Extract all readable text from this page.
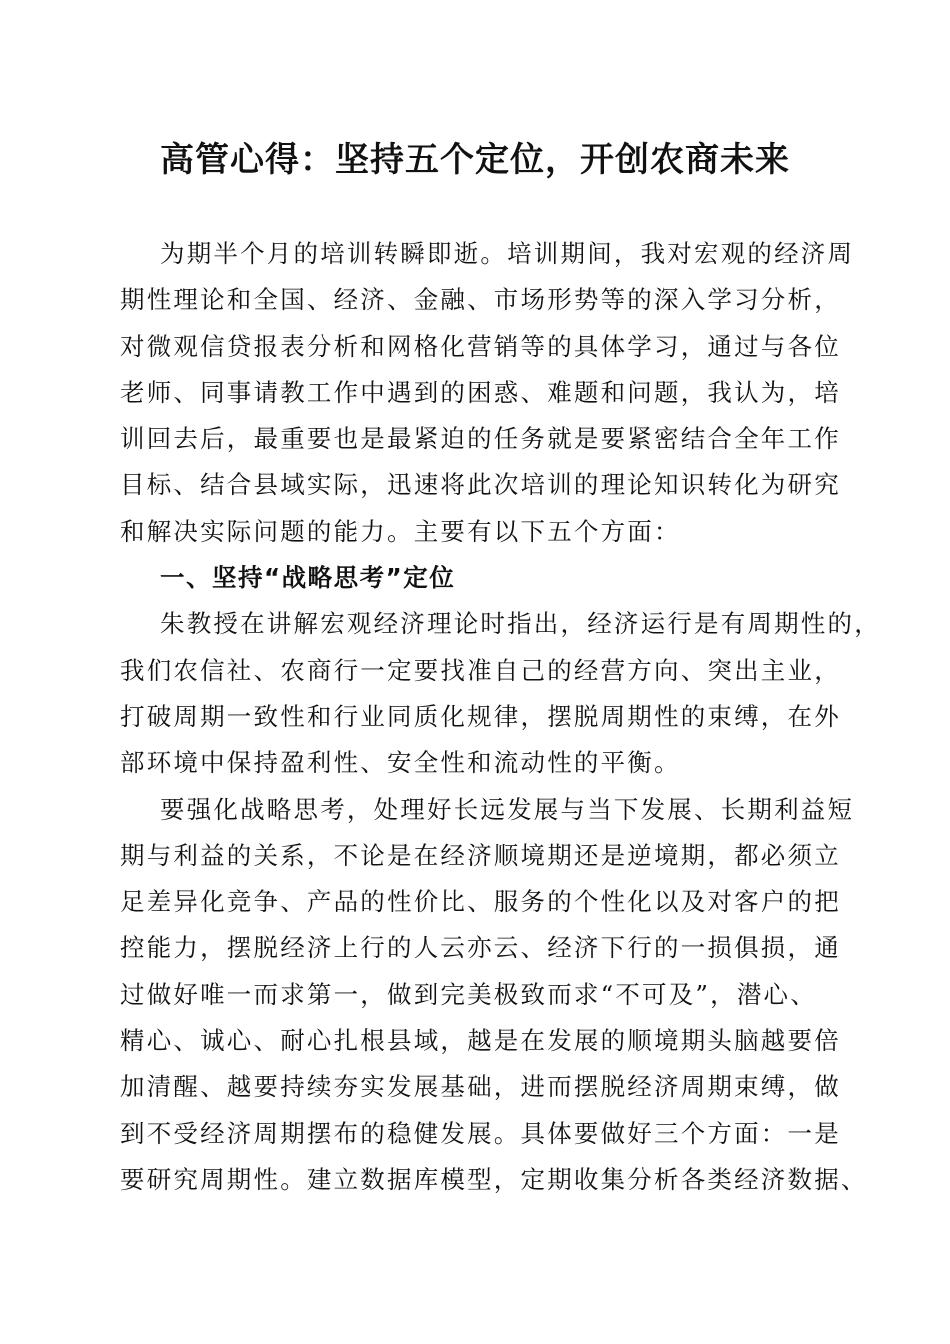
高管心得：坚持五个定位，开创农商未来
为期半个月的培训转瞬即逝。培训期间，我对宏观的经济周
期性理论和全国、经济、金融、市场形势等的深入学习分析，
对微观信贷报表分析和网格化营销等的具体学习，通过与各位
老师、同事请教工作中遇到的困惑、难题和问题，我认为，培
训回去后，最重要也是最紧迫的任务就是要紧密结合全年工作
目标、结合县域实际，迅速将此次培训的理论知识转化为研究
和解决实际问题的能力。主要有以下五个方面：
一、坚持“战略思考”定位
朱教授在讲解宏观经济理论时指出，经济运行是有周期性的，
我们农信社、农商行一定要找准自己的经营方向、突出主业，
打破周期一致性和行业同质化规律，摆脱周期性的束缚，在外
部环境中保持盈利性、安全性和流动性的平衡。
要强化战略思考，处理好长远发展与当下发展、长期利益短
期与利益的关系，不论是在经济顺境期还是逆境期，都必须立
足差异化竞争、产品的性价比、服务的个性化以及对客户的把
控能力，摆脱经济上行的人云亦云、经济下行的一损俱损，通
过做好唯一而求第一，做到完美极致而求“不可及”，潜心、
精心、诚心、耐心扎根县域，越是在发展的顺境期头脑越要倍
加清醒、越要持续夯实发展基础，进而摆脱经济周期束缚，做
到不受经济周期摆布的稳健发展。具体要做好三个方面：一是
要研究周期性。建立数据库模型，定期收集分析各类经济数据、
